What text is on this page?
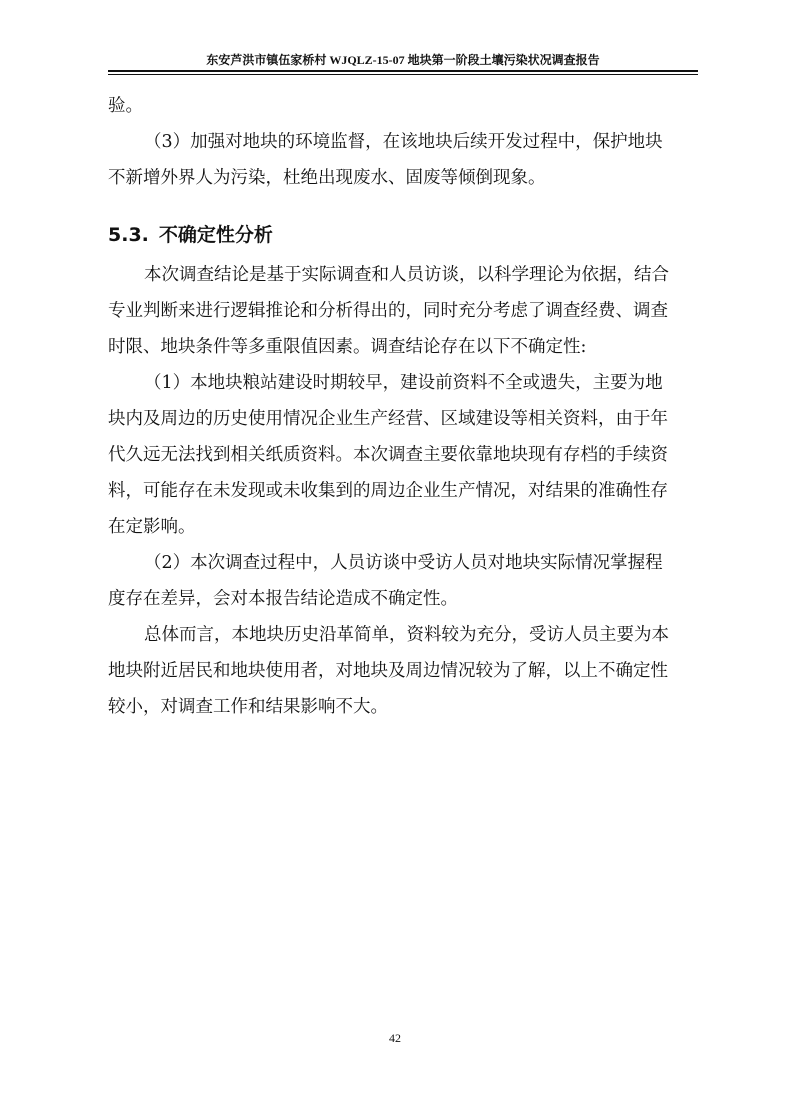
东安芦洪市镇伍家桥村 WJQLZ-15-07 地块第一阶段土壤污染状况调查报告
验。
（3）加强对地块的环境监督，在该地块后续开发过程中，保护地块
不新增外界人为污染，杜绝出现废水、固废等倾倒现象。
5.3. 不确定性分析
本次调查结论是基于实际调查和人员访谈，以科学理论为依据，结合
专业判断来进行逻辑推论和分析得出的，同时充分考虑了调查经费、调查
时限、地块条件等多重限值因素。调查结论存在以下不确定性:
（1）本地块粮站建设时期较早，建设前资料不全或遗失，主要为地
块内及周边的历史使用情况企业生产经营、区域建设等相关资料，由于年
代久远无法找到相关纸质资料。本次调查主要依靠地块现有存档的手续资
料，可能存在未发现或未收集到的周边企业生产情况，对结果的准确性存
在定影响。
（2）本次调查过程中，人员访谈中受访人员对地块实际情况掌握程
度存在差异，会对本报告结论造成不确定性。
总体而言，本地块历史沿革简单，资料较为充分，受访人员主要为本
地块附近居民和地块使用者，对地块及周边情况较为了解，以上不确定性
较小，对调查工作和结果影响不大。
42
